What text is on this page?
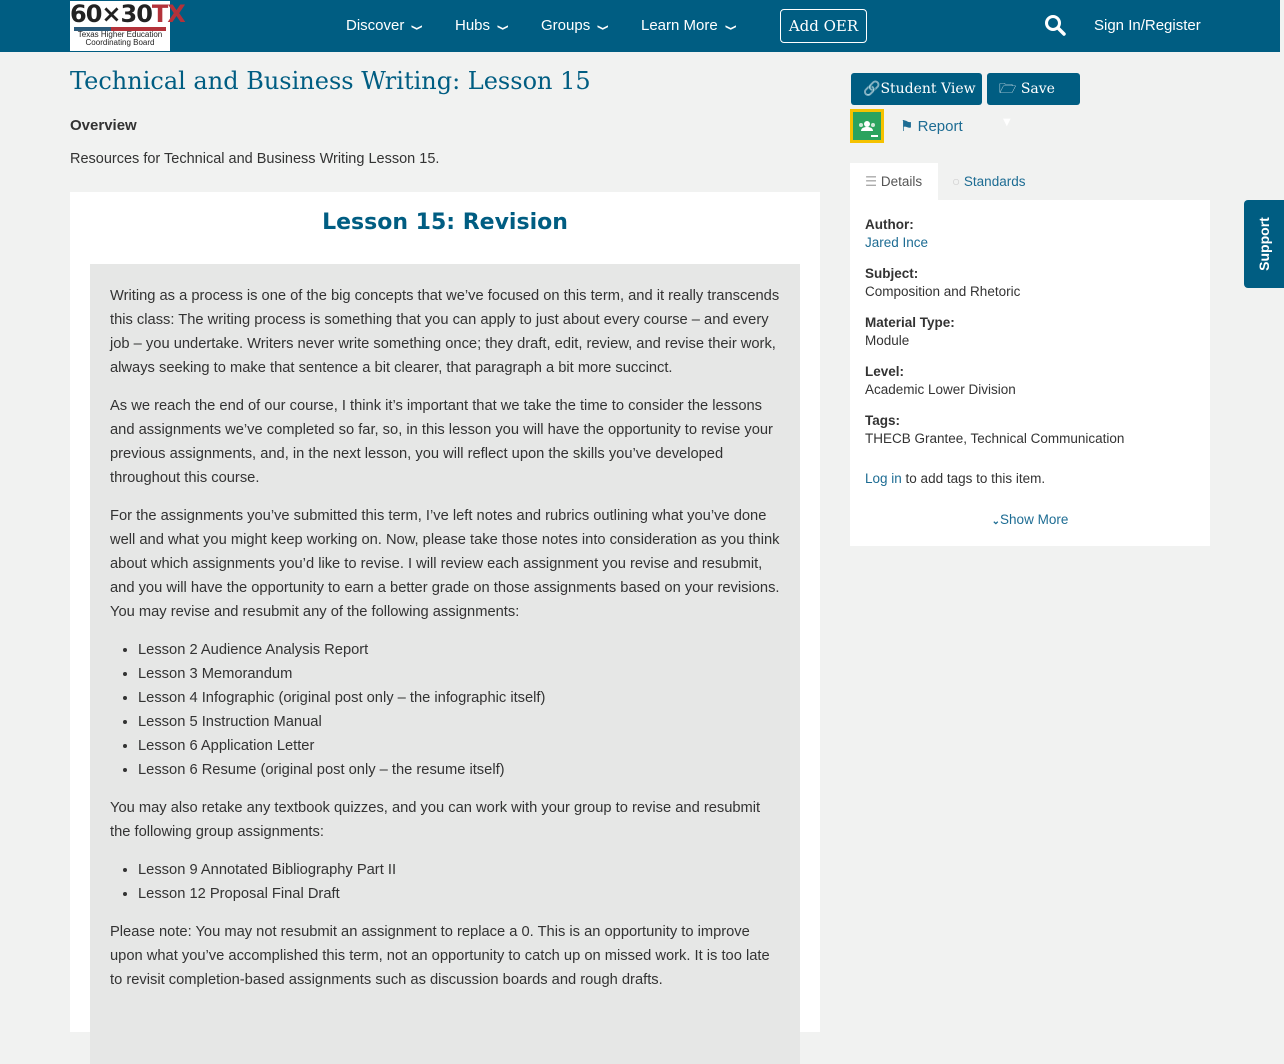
60×30TX
Texas Higher Education
Coordinating Board
Discover ❯ Hubs ❯ Groups ❯ Learn More ❯	Add OER	Sign In/Register
Technical and Business Writing: Lesson 15
Overview
Resources for Technical and Business Writing Lesson 15.
Lesson 15: Revision

Writing as a process is one of the big concepts that we’ve focused on this term, and it really transcends this class: The writing process is something that you can apply to just about every course – and every job – you undertake. Writers never write something once; they draft, edit, review, and revise their work, always seeking to make that sentence a bit clearer, that paragraph a bit more succinct.

As we reach the end of our course, I think it’s important that we take the time to consider the lessons and assignments we’ve completed so far, so, in this lesson you will have the opportunity to revise your previous assignments, and, in the next lesson, you will reflect upon the skills you’ve developed throughout this course.

For the assignments you’ve submitted this term, I’ve left notes and rubrics outlining what you’ve done well and what you might keep working on. Now, please take those notes into consideration as you think about which assignments you’d like to revise. I will review each assignment you revise and resubmit, and you will have the opportunity to earn a better grade on those assignments based on your revisions. You may revise and resubmit any of the following assignments:

• Lesson 2 Audience Analysis Report
• Lesson 3 Memorandum
• Lesson 4 Infographic (original post only – the infographic itself)
• Lesson 5 Instruction Manual
• Lesson 6 Application Letter
• Lesson 6 Resume (original post only – the resume itself)

You may also retake any textbook quizzes, and you can work with your group to revise and resubmit the following group assignments:

• Lesson 9 Annotated Bibliography Part II
• Lesson 12 Proposal Final Draft

Please note: You may not resubmit an assignment to replace a 0. This is an opportunity to improve upon what you’ve accomplished this term, not an opportunity to catch up on missed work. It is too late to revisit completion-based assignments such as discussion boards and rough drafts.

🔗Student View	🗁 Save ▼
⚑ Report
☰ Details	○ Standards
Author:
Jared Ince
Subject:
Composition and Rhetoric
Material Type:
Module
Level:
Academic Lower Division
Tags:
THECB Grantee, Technical Communication
Log in to add tags to this item.
⌄Show More
Support
